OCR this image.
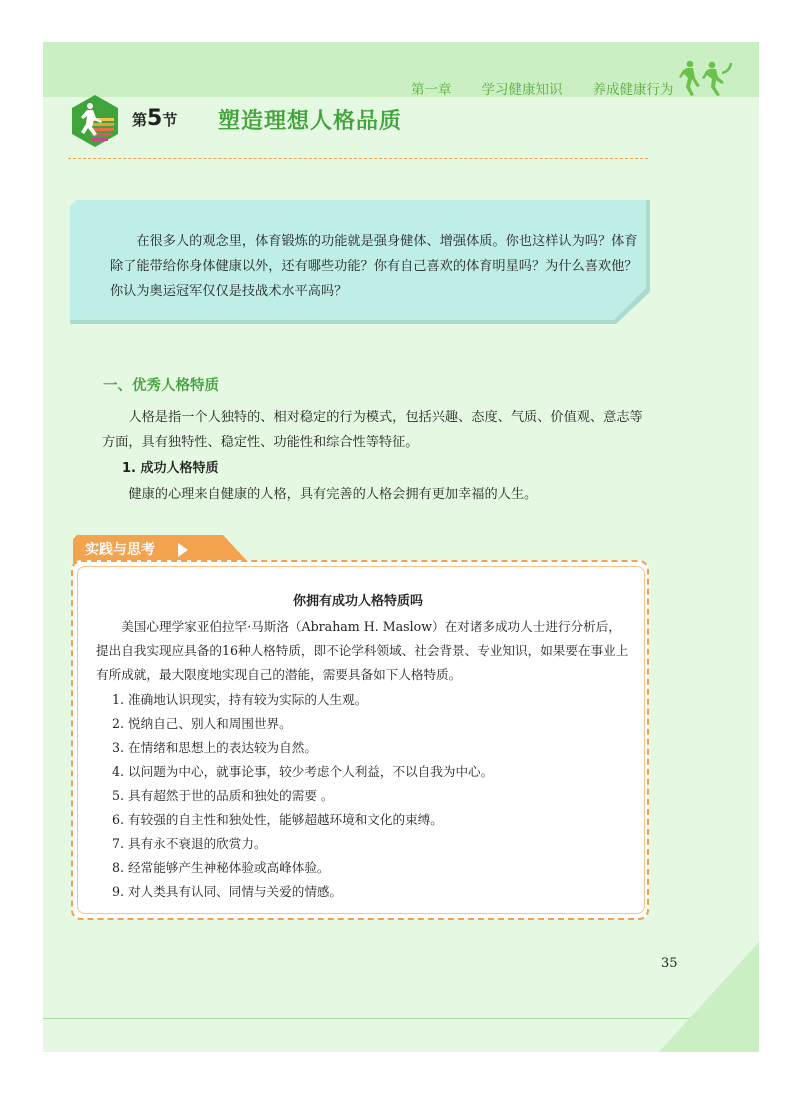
第一章 学习健康知识 养成健康行为
第5节 塑造理想人格品质
在很多人的观念里，体育锻炼的功能就是强身健体、增强体质。你也这样认为吗？体育除了能带给你身体健康以外，还有哪些功能？你有自己喜欢的体育明星吗？为什么喜欢他？你认为奥运冠军仅仅是技战术水平高吗？
一、优秀人格特质
人格是指一个人独特的、相对稳定的行为模式，包括兴趣、态度、气质、价值观、意志等方面，具有独特性、稳定性、功能性和综合性等特征。
1. 成功人格特质
健康的心理来自健康的人格，具有完善的人格会拥有更加幸福的人生。
实践与思考
你拥有成功人格特质吗
美国心理学家亚伯拉罕·马斯洛（Abraham H. Maslow）在对诸多成功人士进行分析后，提出自我实现应具备的16种人格特质，即不论学科领域、社会背景、专业知识，如果要在事业上有所成就，最大限度地实现自己的潜能，需要具备如下人格特质。
1. 准确地认识现实，持有较为实际的人生观。
2. 悦纳自己、别人和周围世界。
3. 在情绪和思想上的表达较为自然。
4. 以问题为中心，就事论事，较少考虑个人利益，不以自我为中心。
5. 具有超然于世的品质和独处的需要 。
6. 有较强的自主性和独处性，能够超越环境和文化的束缚。
7. 具有永不衰退的欣赏力。
8. 经常能够产生神秘体验或高峰体验。
9. 对人类具有认同、同情与关爱的情感。
35
